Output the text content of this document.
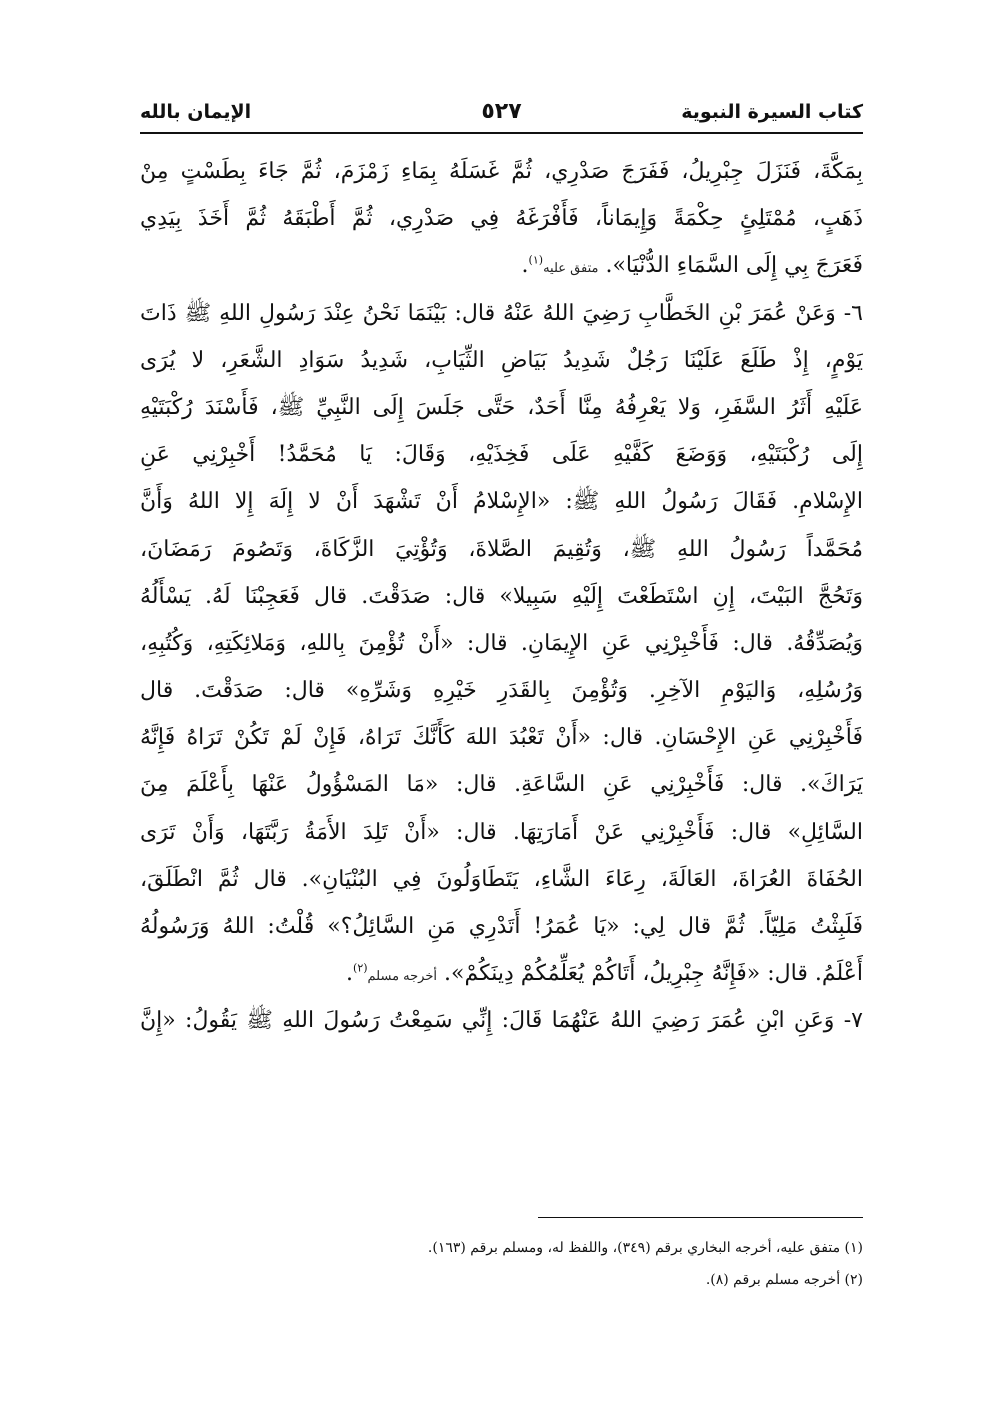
كتاب السيرة النبوية
٥٢٧
الإيمان بالله
بِمَكَّةَ، فَنَزَلَ جِبْرِيلُ، فَفَرَجَ صَدْرِي، ثُمَّ غَسَلَهُ بِمَاءِ زَمْزَمَ، ثُمَّ جَاءَ بِطَسْتٍ مِنْ
ذَهَبٍ، مُمْتَلِئٍ حِكْمَةً وَإِيمَاناً، فَأَفْرَغَهُ فِي صَدْرِي، ثُمَّ أَطْبَقَهُ ثُمَّ أَخَذَ بِيَدِي
فَعَرَجَ بِي إِلَى السَّمَاءِ الدُّنْيَا». متفق عليه$^{(١)}$.
٦- وَعَنْ عُمَرَ بْنِ الخَطَّابِ رَضِيَ اللهُ عَنْهُ قال: بَيْنَمَا نَحْنُ عِنْدَ رَسُولِ اللهِ ﷺ ذَاتَ
يَوْمٍ، إِذْ طَلَعَ عَلَيْنَا رَجُلٌ شَدِيدُ بَيَاضِ الثِّيَابِ، شَدِيدُ سَوَادِ الشَّعَرِ، لا يُرَى
عَلَيْهِ أَثَرُ السَّفَرِ، وَلا يَعْرِفُهُ مِنَّا أَحَدٌ، حَتَّى جَلَسَ إِلَى النَّبِيِّ ﷺ، فَأَسْنَدَ رُكْبَتَيْهِ
إِلَى رُكْبَتَيْهِ، وَوَضَعَ كَفَّيْهِ عَلَى فَخِذَيْهِ، وَقَالَ: يَا مُحَمَّدُ! أَخْبِرْنِي عَنِ
الإِسْلامِ. فَقَالَ رَسُولُ اللهِ ﷺ: «الإِسْلامُ أَنْ تَشْهَدَ أَنْ لا إِلَهَ إِلا اللهُ وَأَنَّ
مُحَمَّداً رَسُولُ اللهِ ﷺ، وَتُقِيمَ الصَّلاةَ، وَتُؤْتِيَ الزَّكَاةَ، وَتَصُومَ رَمَضَانَ،
وَتَحُجَّ البَيْتَ، إِنِ اسْتَطَعْتَ إِلَيْهِ سَبِيلا» قال: صَدَقْتَ. قال فَعَجِبْنَا لَهُ. يَسْأَلُهُ
وَيُصَدِّقُهُ. قال: فَأَخْبِرْنِي عَنِ الإِيمَانِ. قال: «أَنْ تُؤْمِنَ بِاللهِ، وَمَلائِكَتِهِ، وَكُتُبِهِ،
وَرُسُلِهِ، وَاليَوْمِ الآخِرِ. وَتُؤْمِنَ بِالقَدَرِ خَيْرِهِ وَشَرِّهِ» قال: صَدَقْتَ. قال
فَأَخْبِرْنِي عَنِ الإِحْسَانِ. قال: «أَنْ تَعْبُدَ اللهَ كَأَنَّكَ تَرَاهُ، فَإِنْ لَمْ تَكُنْ تَرَاهُ فَإِنَّهُ
يَرَاكَ». قال: فَأَخْبِرْنِي عَنِ السَّاعَةِ. قال: «مَا المَسْؤُولُ عَنْهَا بِأَعْلَمَ مِنَ
السَّائِلِ» قال: فَأَخْبِرْنِي عَنْ أَمَارَتِهَا. قال: «أَنْ تَلِدَ الأَمَةُ رَبَّتَهَا، وَأَنْ تَرَى
الحُفَاةَ العُرَاةَ، العَالَةَ، رِعَاءَ الشَّاءِ، يَتَطَاوَلُونَ فِي البُنْيَانِ». قال ثُمَّ انْطَلَقَ،
فَلَبِثْتُ مَلِيّاً. ثُمَّ قال لِي: «يَا عُمَرُ! أَتَدْرِي مَنِ السَّائِلُ؟» قُلْتُ: اللهُ وَرَسُولُهُ
أَعْلَمُ. قال: «فَإِنَّهُ جِبْرِيلُ، أَتَاكُمْ يُعَلِّمُكُمْ دِينَكُمْ». أخرجه مسلم$^{(٢)}$.
٧- وَعَنِ ابْنِ عُمَرَ رَضِيَ اللهُ عَنْهُمَا قَالَ: إِنِّي سَمِعْتُ رَسُولَ اللهِ ﷺ يَقُولُ: «إِنَّ
(١) متفق عليه، أخرجه البخاري برقم (٣٤٩)، واللفظ له، ومسلم برقم (١٦٣).
(٢) أخرجه مسلم برقم (٨).
